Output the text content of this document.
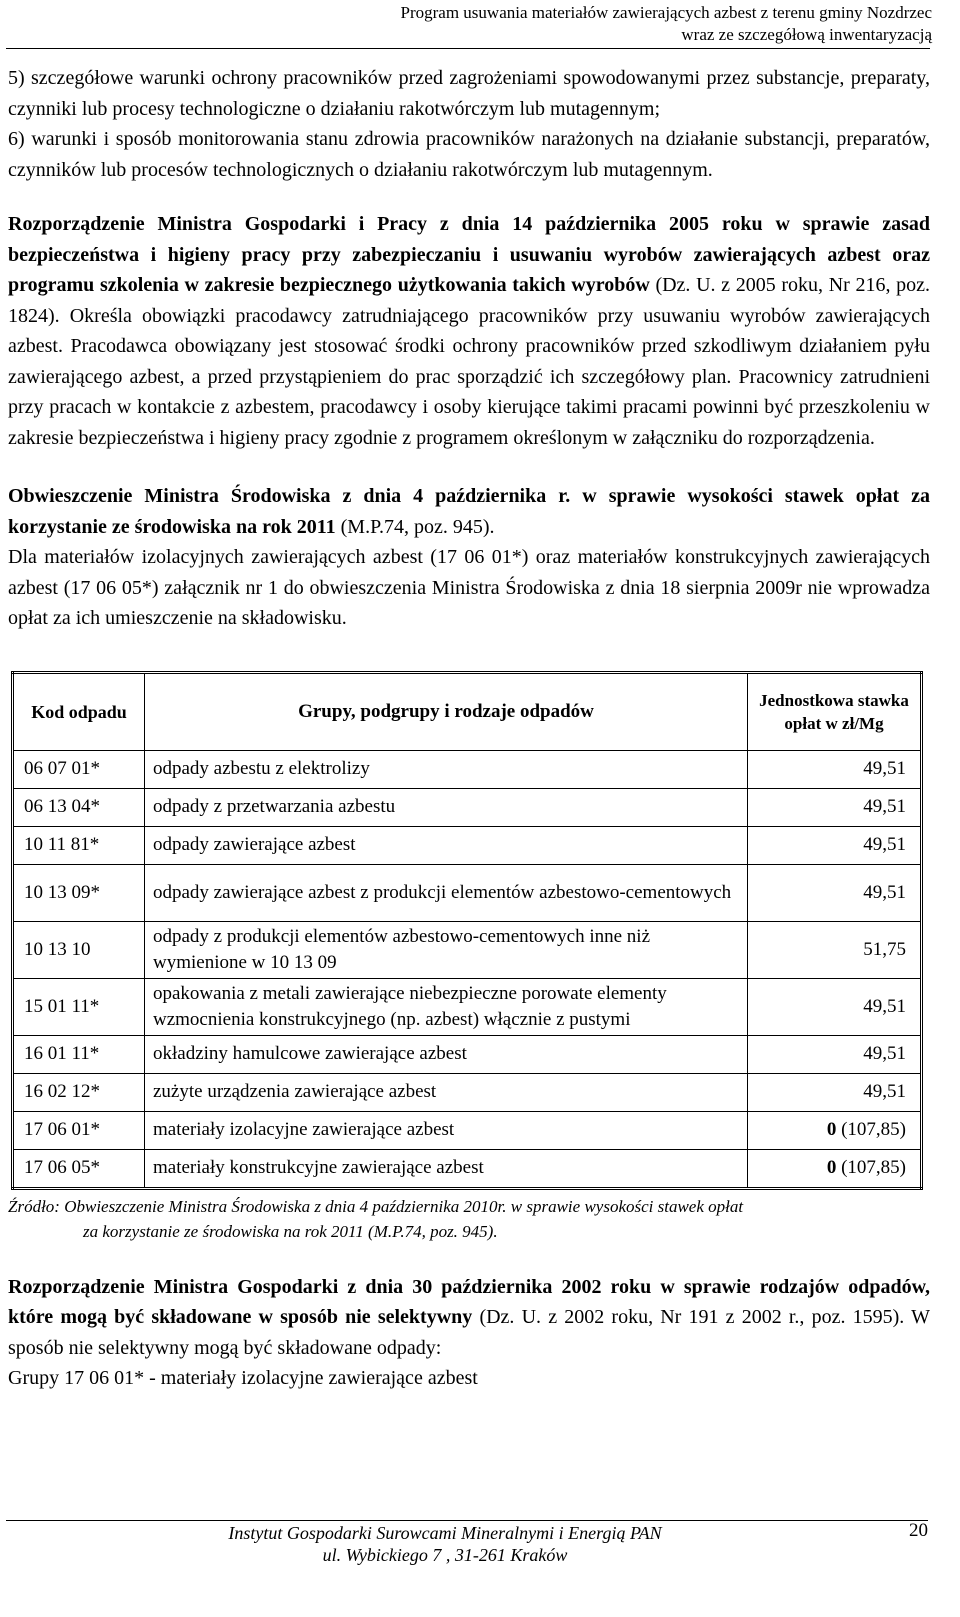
Program usuwania materiałów zawierających azbest z terenu gminy Nozdrzec
wraz ze szczegółową inwentaryzacją

5) szczegółowe warunki ochrony pracowników przed zagrożeniami spowodowanymi przez substancje, preparaty, czynniki lub procesy technologiczne o działaniu rakotwórczym lub mutagennym;

6) warunki i sposób monitorowania stanu zdrowia pracowników narażonych na działanie substancji, preparatów, czynników lub procesów technologicznych o działaniu rakotwórczym lub mutagennym.

Rozporządzenie Ministra Gospodarki i Pracy z dnia 14 października 2005 roku w sprawie zasad bezpieczeństwa i higieny pracy przy zabezpieczaniu i usuwaniu wyrobów zawierających azbest oraz programu szkolenia w zakresie bezpiecznego użytkowania takich wyrobów (Dz. U. z 2005 roku, Nr 216, poz. 1824). Określa obowiązki pracodawcy zatrudniającego pracowników przy usuwaniu wyrobów zawierających azbest. Pracodawca obowiązany jest stosować środki ochrony pracowników przed szkodliwym działaniem pyłu zawierającego azbest, a przed przystąpieniem do prac sporządzić ich szczegółowy plan. Pracownicy zatrudnieni przy pracach w kontakcie z azbestem, pracodawcy i osoby kierujące takimi pracami powinni być przeszkoleniu w zakresie bezpieczeństwa i higieny pracy zgodnie z programem określonym w załączniku do rozporządzenia.

Obwieszczenie Ministra Środowiska z dnia 4 października r. w sprawie wysokości stawek opłat za korzystanie ze środowiska na rok 2011 (M.P.74, poz. 945).

Dla materiałów izolacyjnych zawierających azbest (17 06 01*) oraz materiałów konstrukcyjnych zawierających azbest (17 06 05*) załącznik nr 1 do obwieszczenia Ministra Środowiska z dnia 18 sierpnia 2009r nie wprowadza opłat za ich umieszczenie na składowisku.

Kod odpadu	Grupy, podgrupy i rodzaje odpadów	Jednostkowa stawka opłat w zł/Mg
06 07 01*	odpady azbestu z elektrolizy	49,51
06 13 04*	odpady z przetwarzania azbestu	49,51
10 11 81*	odpady zawierające azbest	49,51
10 13 09*	odpady zawierające azbest z produkcji elementów azbestowo-cementowych	49,51
10 13 10	odpady z produkcji elementów azbestowo-cementowych inne niż wymienione w 10 13 09	51,75
15 01 11*	opakowania z metali zawierające niebezpieczne porowate elementy wzmocnienia konstrukcyjnego (np. azbest) włącznie z pustymi	49,51
16 01 11*	okładziny hamulcowe zawierające azbest	49,51
16 02 12*	zużyte urządzenia zawierające azbest	49,51
17 06 01*	materiały izolacyjne zawierające azbest	0 (107,85)
17 06 05*	materiały konstrukcyjne zawierające azbest	0 (107,85)
Źródło: Obwieszczenie Ministra Środowiska z dnia 4 października 2010r. w sprawie wysokości stawek opłat
za korzystanie ze środowiska na rok 2011 (M.P.74, poz. 945).

Rozporządzenie Ministra Gospodarki z dnia 30 października 2002 roku w sprawie rodzajów odpadów, które mogą być składowane w sposób nie selektywny (Dz. U. z 2002 roku, Nr 191 z 2002 r., poz. 1595). W sposób nie selektywny mogą być składowane odpady:

Grupy 17 06 01* - materiały izolacyjne zawierające azbest

Instytut Gospodarki Surowcami Mineralnymi i Energią PAN
ul. Wybickiego 7 , 31-261 Kraków
20
